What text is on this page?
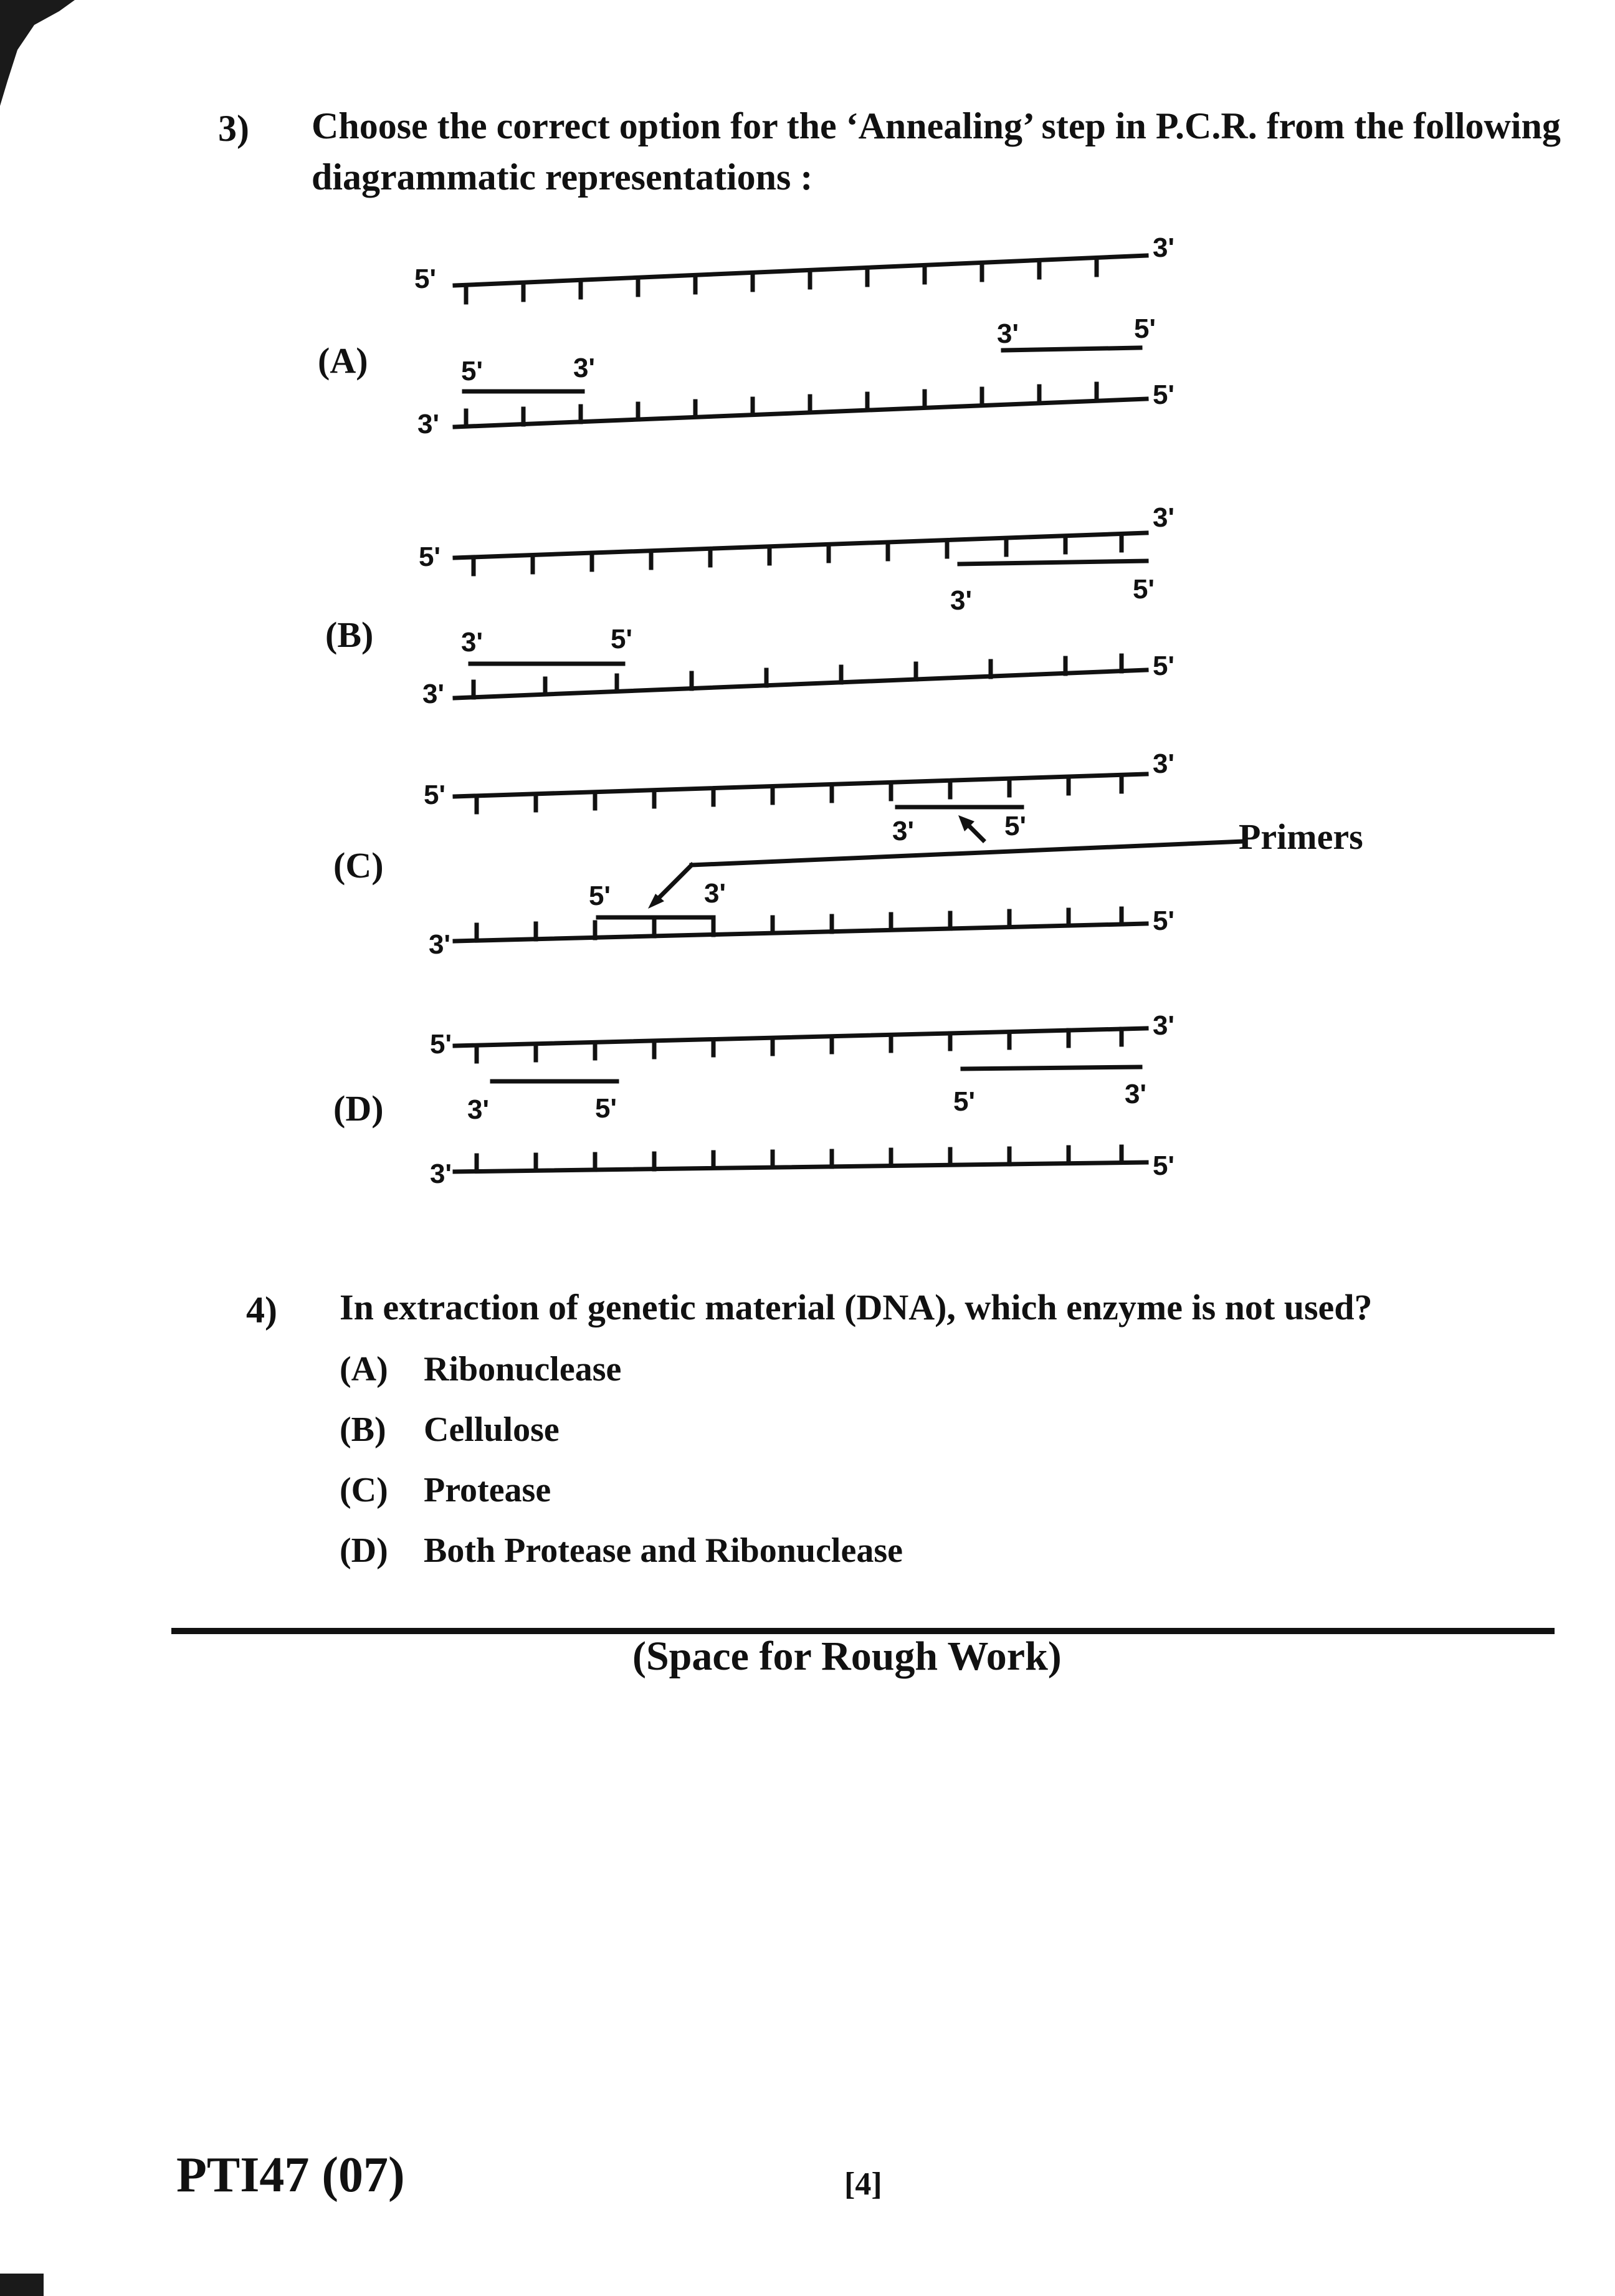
3) Choose the correct option for the ‘Annealing’ step in P.C.R. from the following
diagrammatic representations :
(A)
(B)
(C)
(D)
5'
3'
3'
5'
5'	3'
3'	5'
5'
3'
3'
5'
3'	5'
3'	5'
5'
3'
3'
5'
5'	3'
3'	5'	Primers
5'
3'
3'	5'
3'	5'	5'	3'
4) In extraction of genetic material (DNA), which enzyme is not used?
(A) Ribonuclease
(B) Cellulose
(C) Protease
(D) Both Protease and Ribonuclease
(Space for Rough Work)
PTI47 (07)	[4]
